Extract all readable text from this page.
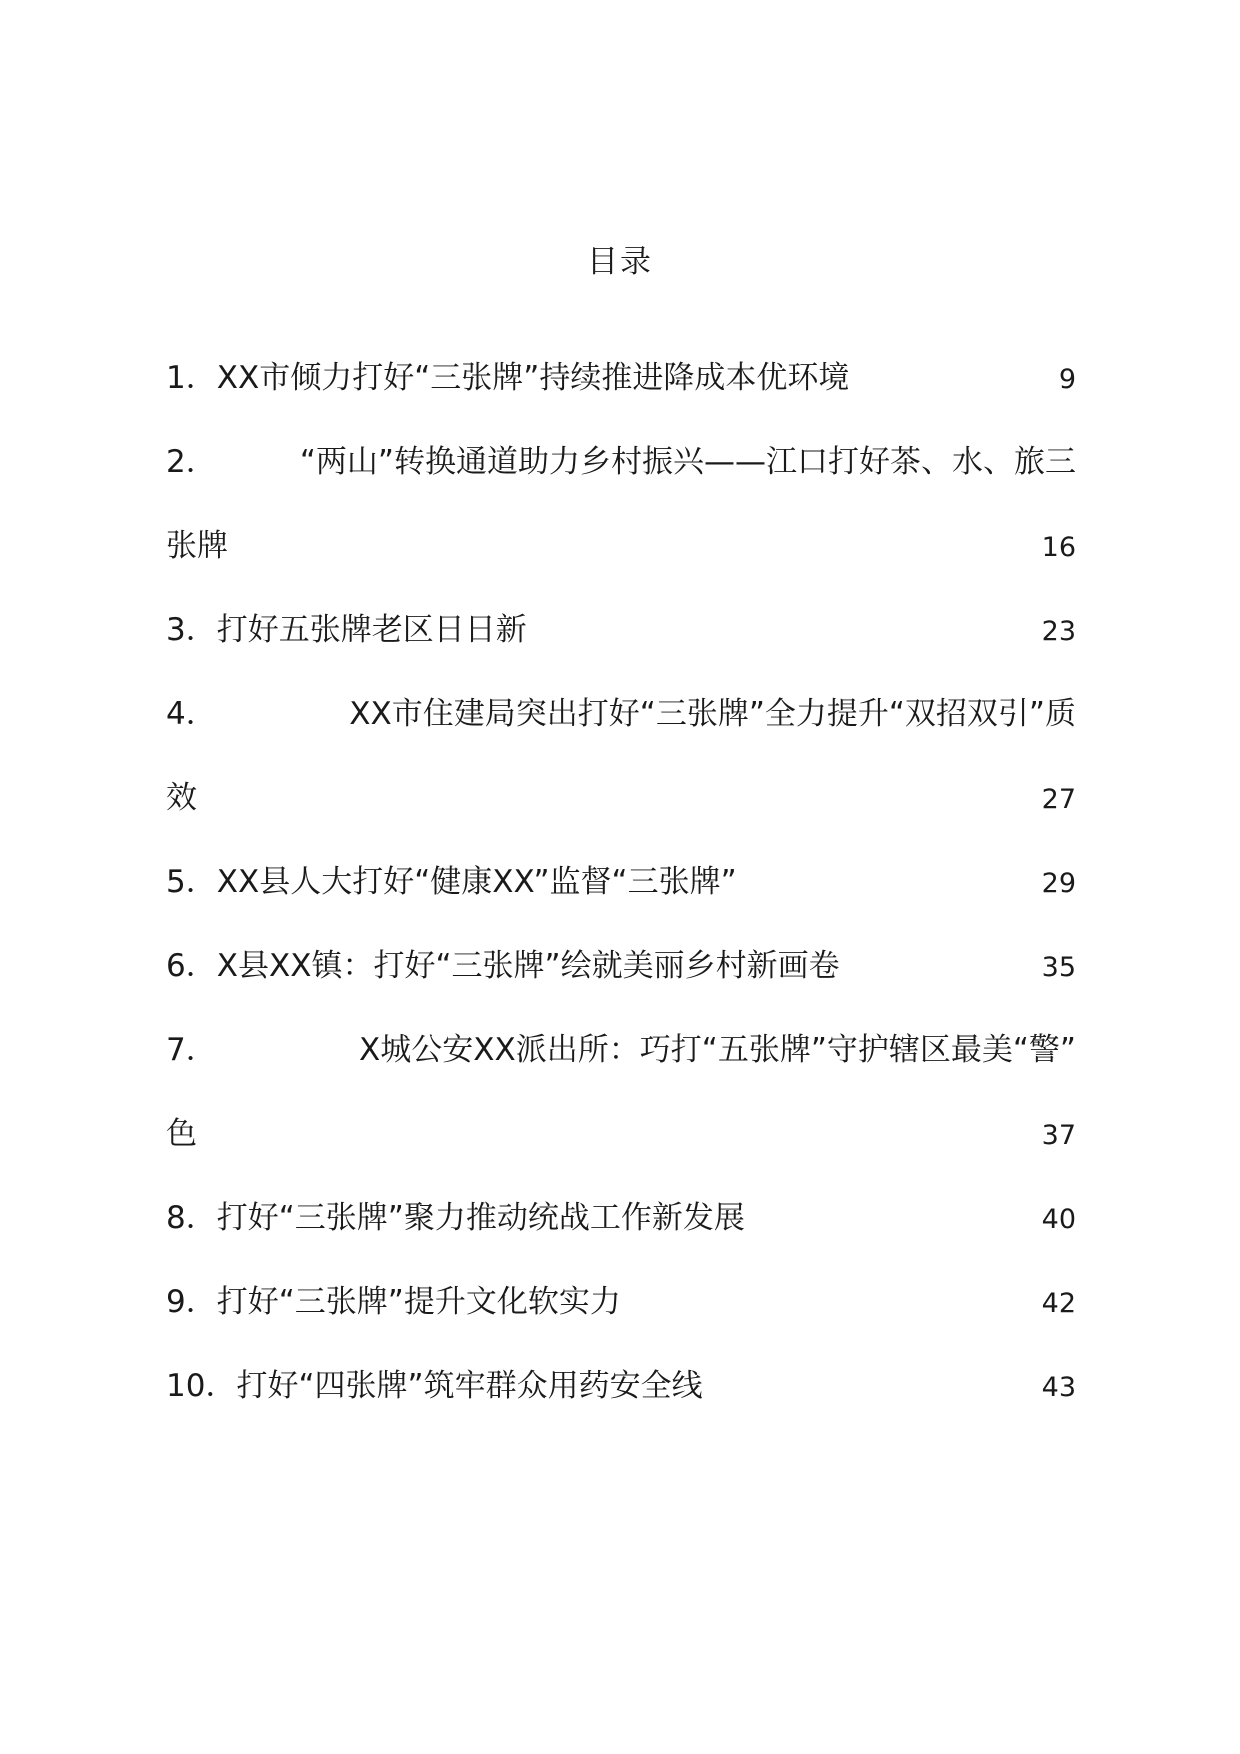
目录
1． XX市倾力打好“三张牌”持续推进降成本优环境	9
2．	“两山”转换通道助力乡村振兴——江口打好茶、水、旅三
张牌	16
3． 打好五张牌老区日日新	23
4．	XX市住建局突出打好“三张牌”全力提升“双招双引”质
效	27
5． XX县人大打好“健康XX”监督“三张牌”	29
6． X县XX镇：打好“三张牌”绘就美丽乡村新画卷	35
7．	X城公安XX派出所：巧打“五张牌”守护辖区最美“警”
色	37
8． 打好“三张牌”聚力推动统战工作新发展	40
9． 打好“三张牌”提升文化软实力	42
10． 打好“四张牌”筑牢群众用药安全线	43
